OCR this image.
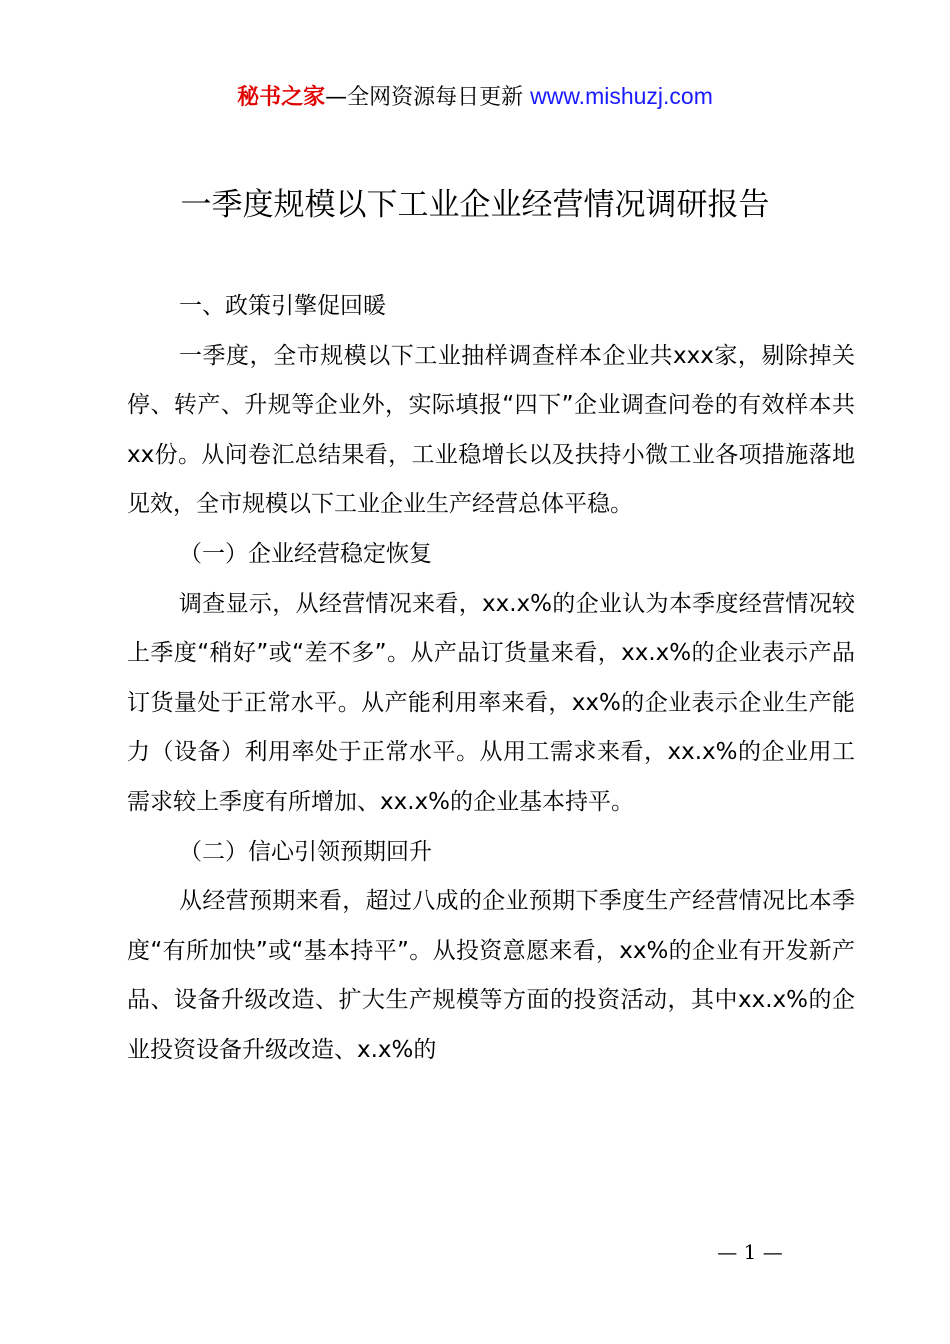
秘书之家—全网资源每日更新 www.mishuzj.com
一季度规模以下工业企业经营情况调研报告

一、政策引擎促回暖

一季度，全市规模以下工业抽样调查样本企业共xxx家，剔除掉关停、转产、升规等企业外，实际填报“四下”企业调查问卷的有效样本共xx份。从问卷汇总结果看，工业稳增长以及扶持小微工业各项措施落地见效，全市规模以下工业企业生产经营总体平稳。

（一）企业经营稳定恢复

调查显示，从经营情况来看，xx.x%的企业认为本季度经营情况较上季度“稍好”或“差不多”。从产品订货量来看，xx.x%的企业表示产品订货量处于正常水平。从产能利用率来看，xx%的企业表示企业生产能力（设备）利用率处于正常水平。从用工需求来看，xx.x%的企业用工需求较上季度有所增加、xx.x%的企业基本持平。

（二）信心引领预期回升

从经营预期来看，超过八成的企业预期下季度生产经营情况比本季度“有所加快”或“基本持平”。从投资意愿来看，xx%的企业有开发新产品、设备升级改造、扩大生产规模等方面的投资活动，其中xx.x%的企业投资设备升级改造、x.x%的

— 1 —
